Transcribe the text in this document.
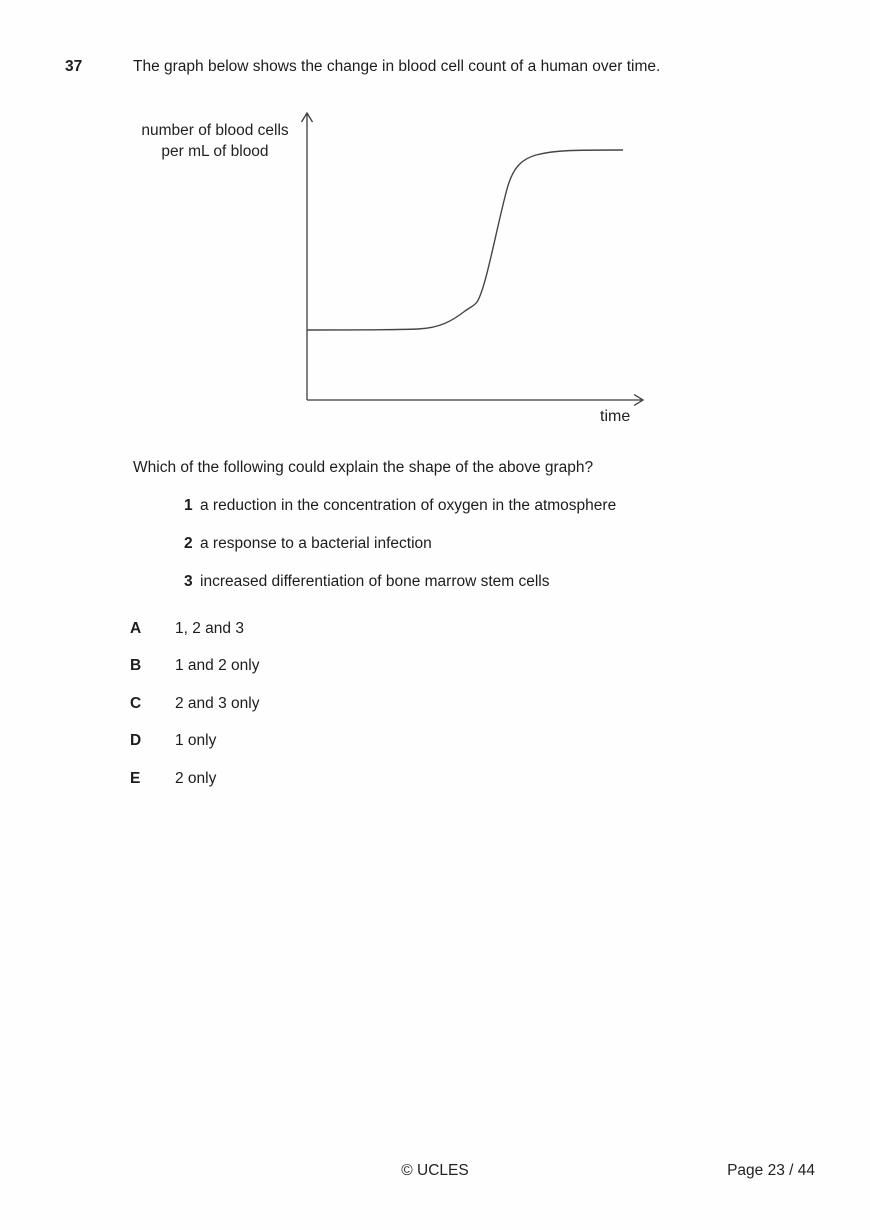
37	The graph below shows the change in blood cell count of a human over time.
number of blood cells
per mL of blood
time
Which of the following could explain the shape of the above graph?
1 a reduction in the concentration of oxygen in the atmosphere
2 a response to a bacterial infection
3 increased differentiation of bone marrow stem cells
A 1, 2 and 3
B 1 and 2 only
C 2 and 3 only
D 1 only
E 2 only
© UCLES	Page 23 / 44
